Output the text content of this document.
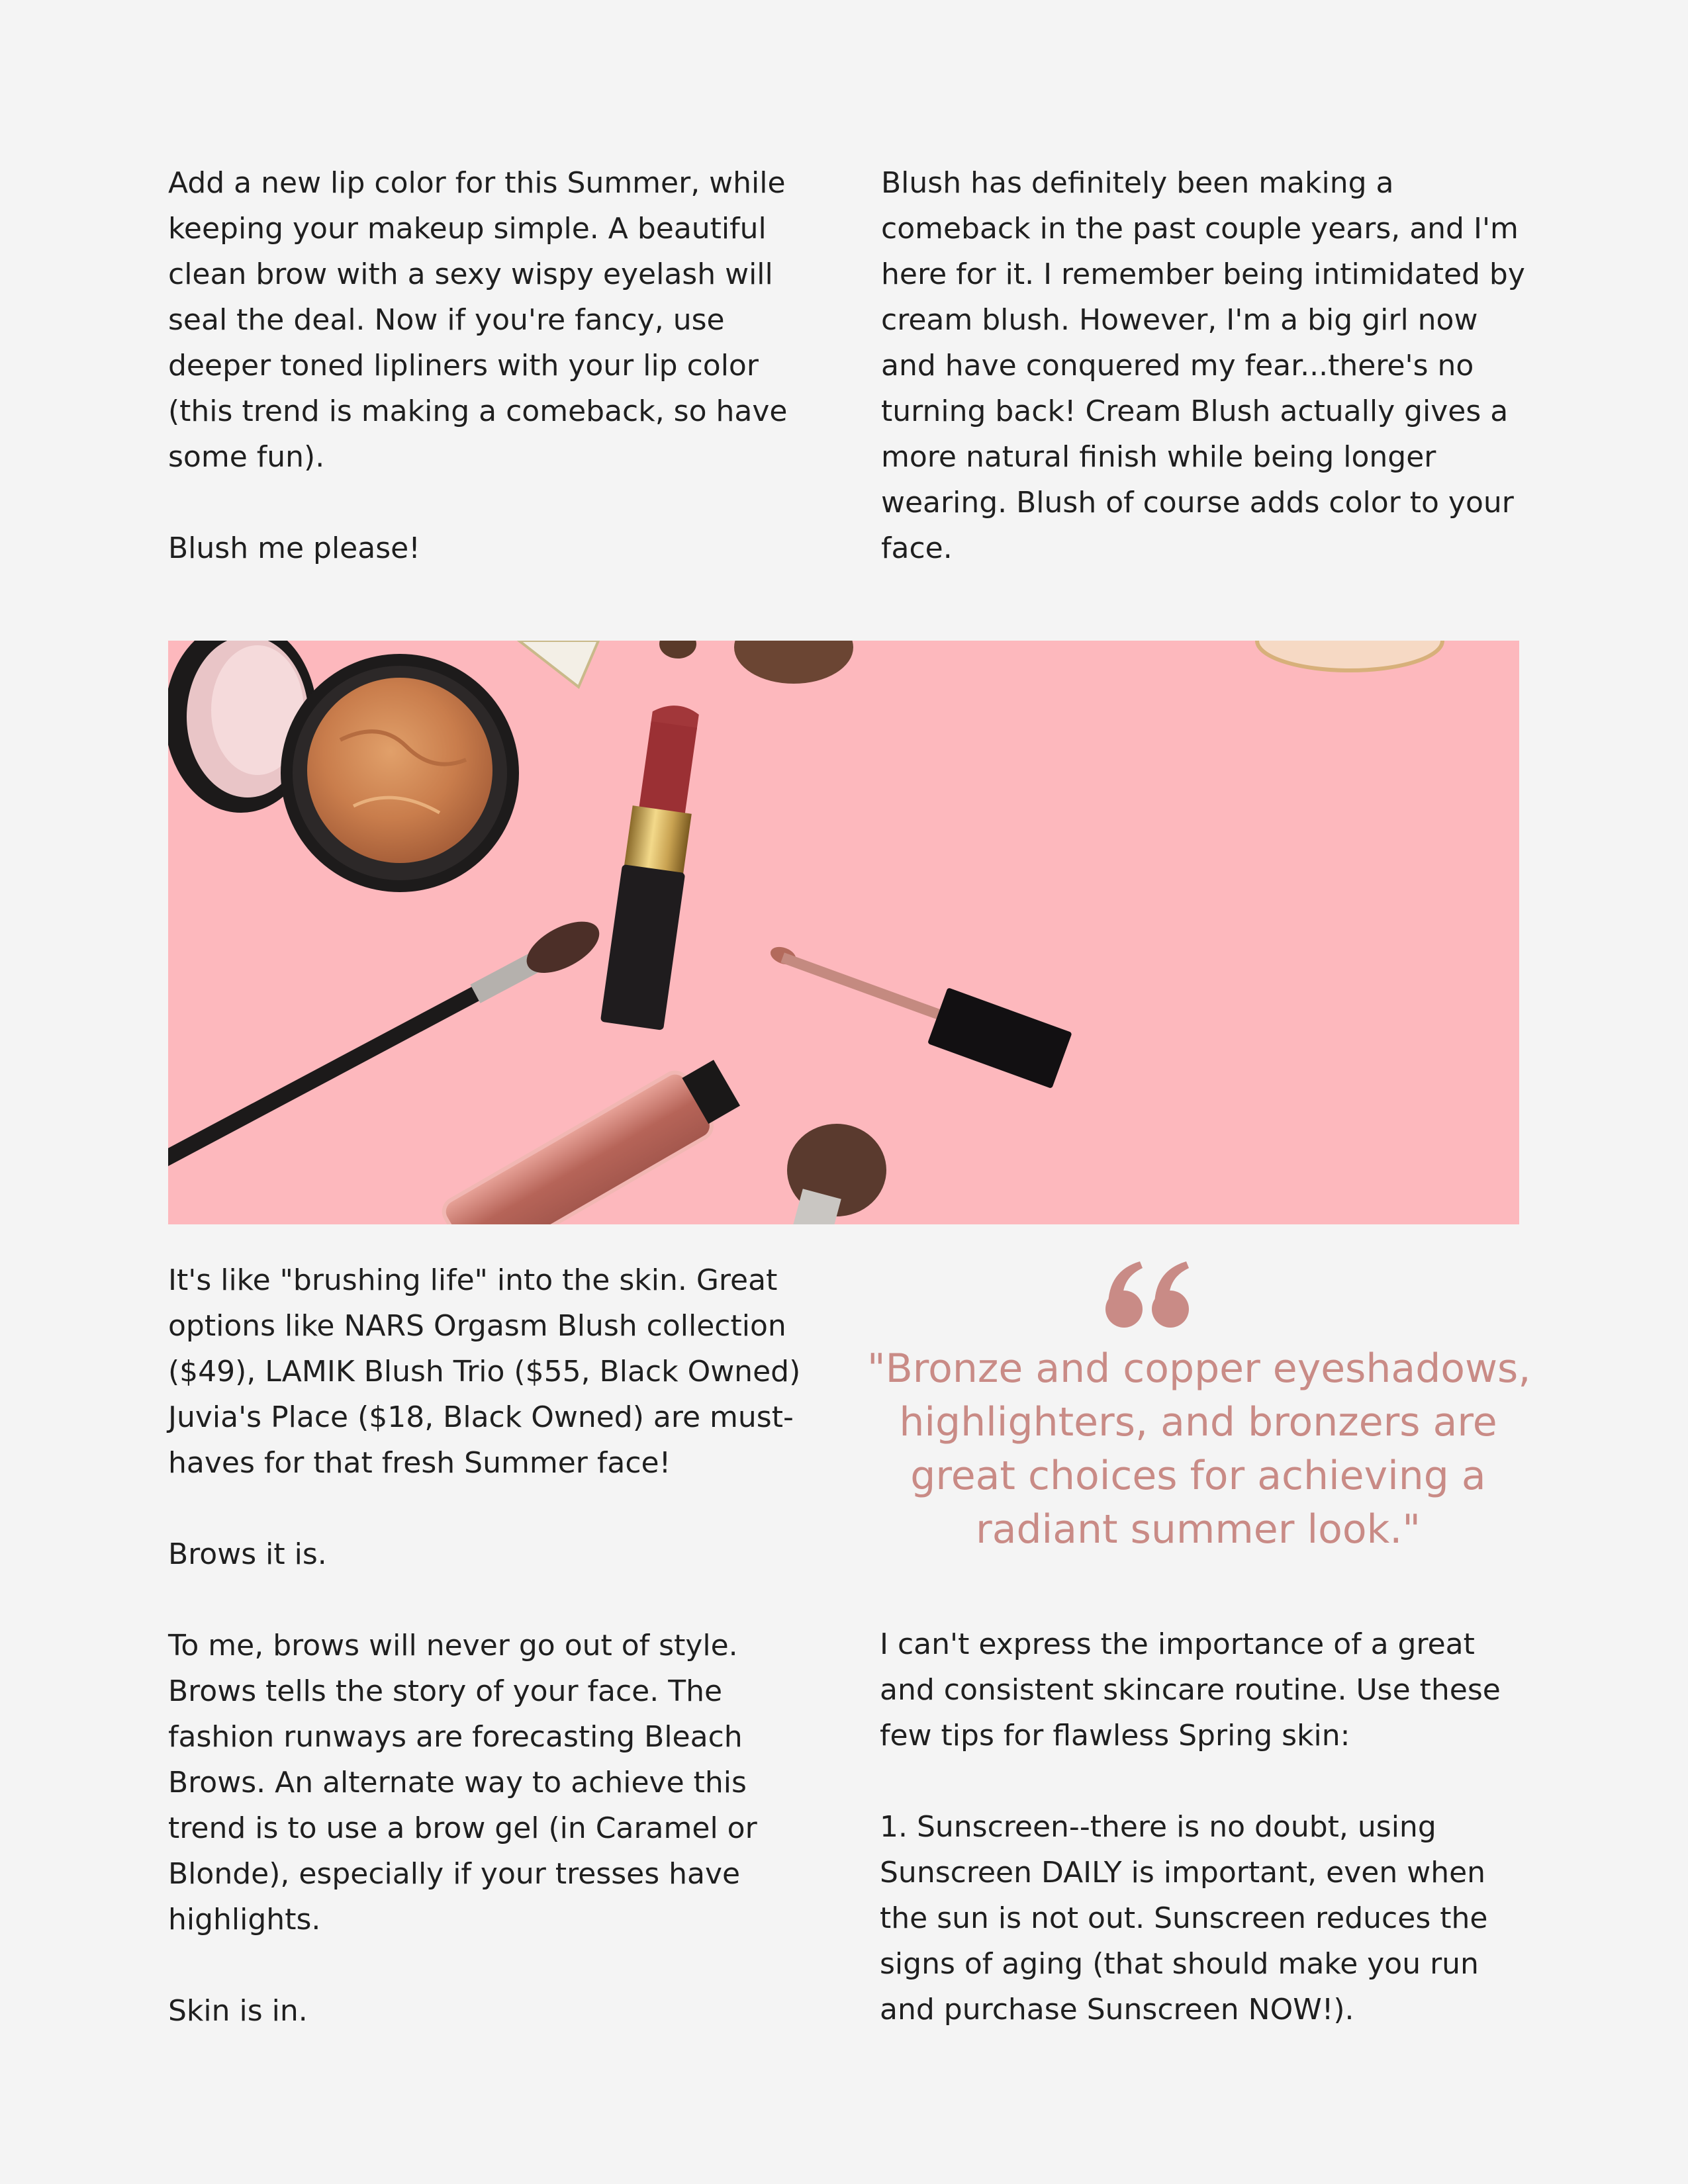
Add a new lip color for this Summer, while
keeping your makeup simple. A beautiful
clean brow with a sexy wispy eyelash will
seal the deal. Now if you're fancy, use
deeper toned lipliners with your lip color
(this trend is making a comeback, so have
some fun).

Blush me please!

Blush has definitely been making a
comeback in the past couple years, and I'm
here for it. I remember being intimidated by
cream blush. However, I'm a big girl now
and have conquered my fear...there's no
turning back! Cream Blush actually gives a
more natural finish while being longer
wearing. Blush of course adds color to your
face.

It's like "brushing life" into the skin. Great
options like NARS Orgasm Blush collection
($49), LAMIK Blush Trio ($55, Black Owned)
Juvia's Place ($18, Black Owned) are must-
haves for that fresh Summer face!

Brows it is.

To me, brows will never go out of style.
Brows tells the story of your face. The
fashion runways are forecasting Bleach
Brows. An alternate way to achieve this
trend is to use a brow gel (in Caramel or
Blonde), especially if your tresses have
highlights.

Skin is in.

"Bronze and copper eyeshadows,
highlighters, and bronzers are
great choices for achieving a
radiant summer look."

I can't express the importance of a great
and consistent skincare routine. Use these
few tips for flawless Spring skin:

1. Sunscreen--there is no doubt, using
Sunscreen DAILY is important, even when
the sun is not out. Sunscreen reduces the
signs of aging (that should make you run
and purchase Sunscreen NOW!).
